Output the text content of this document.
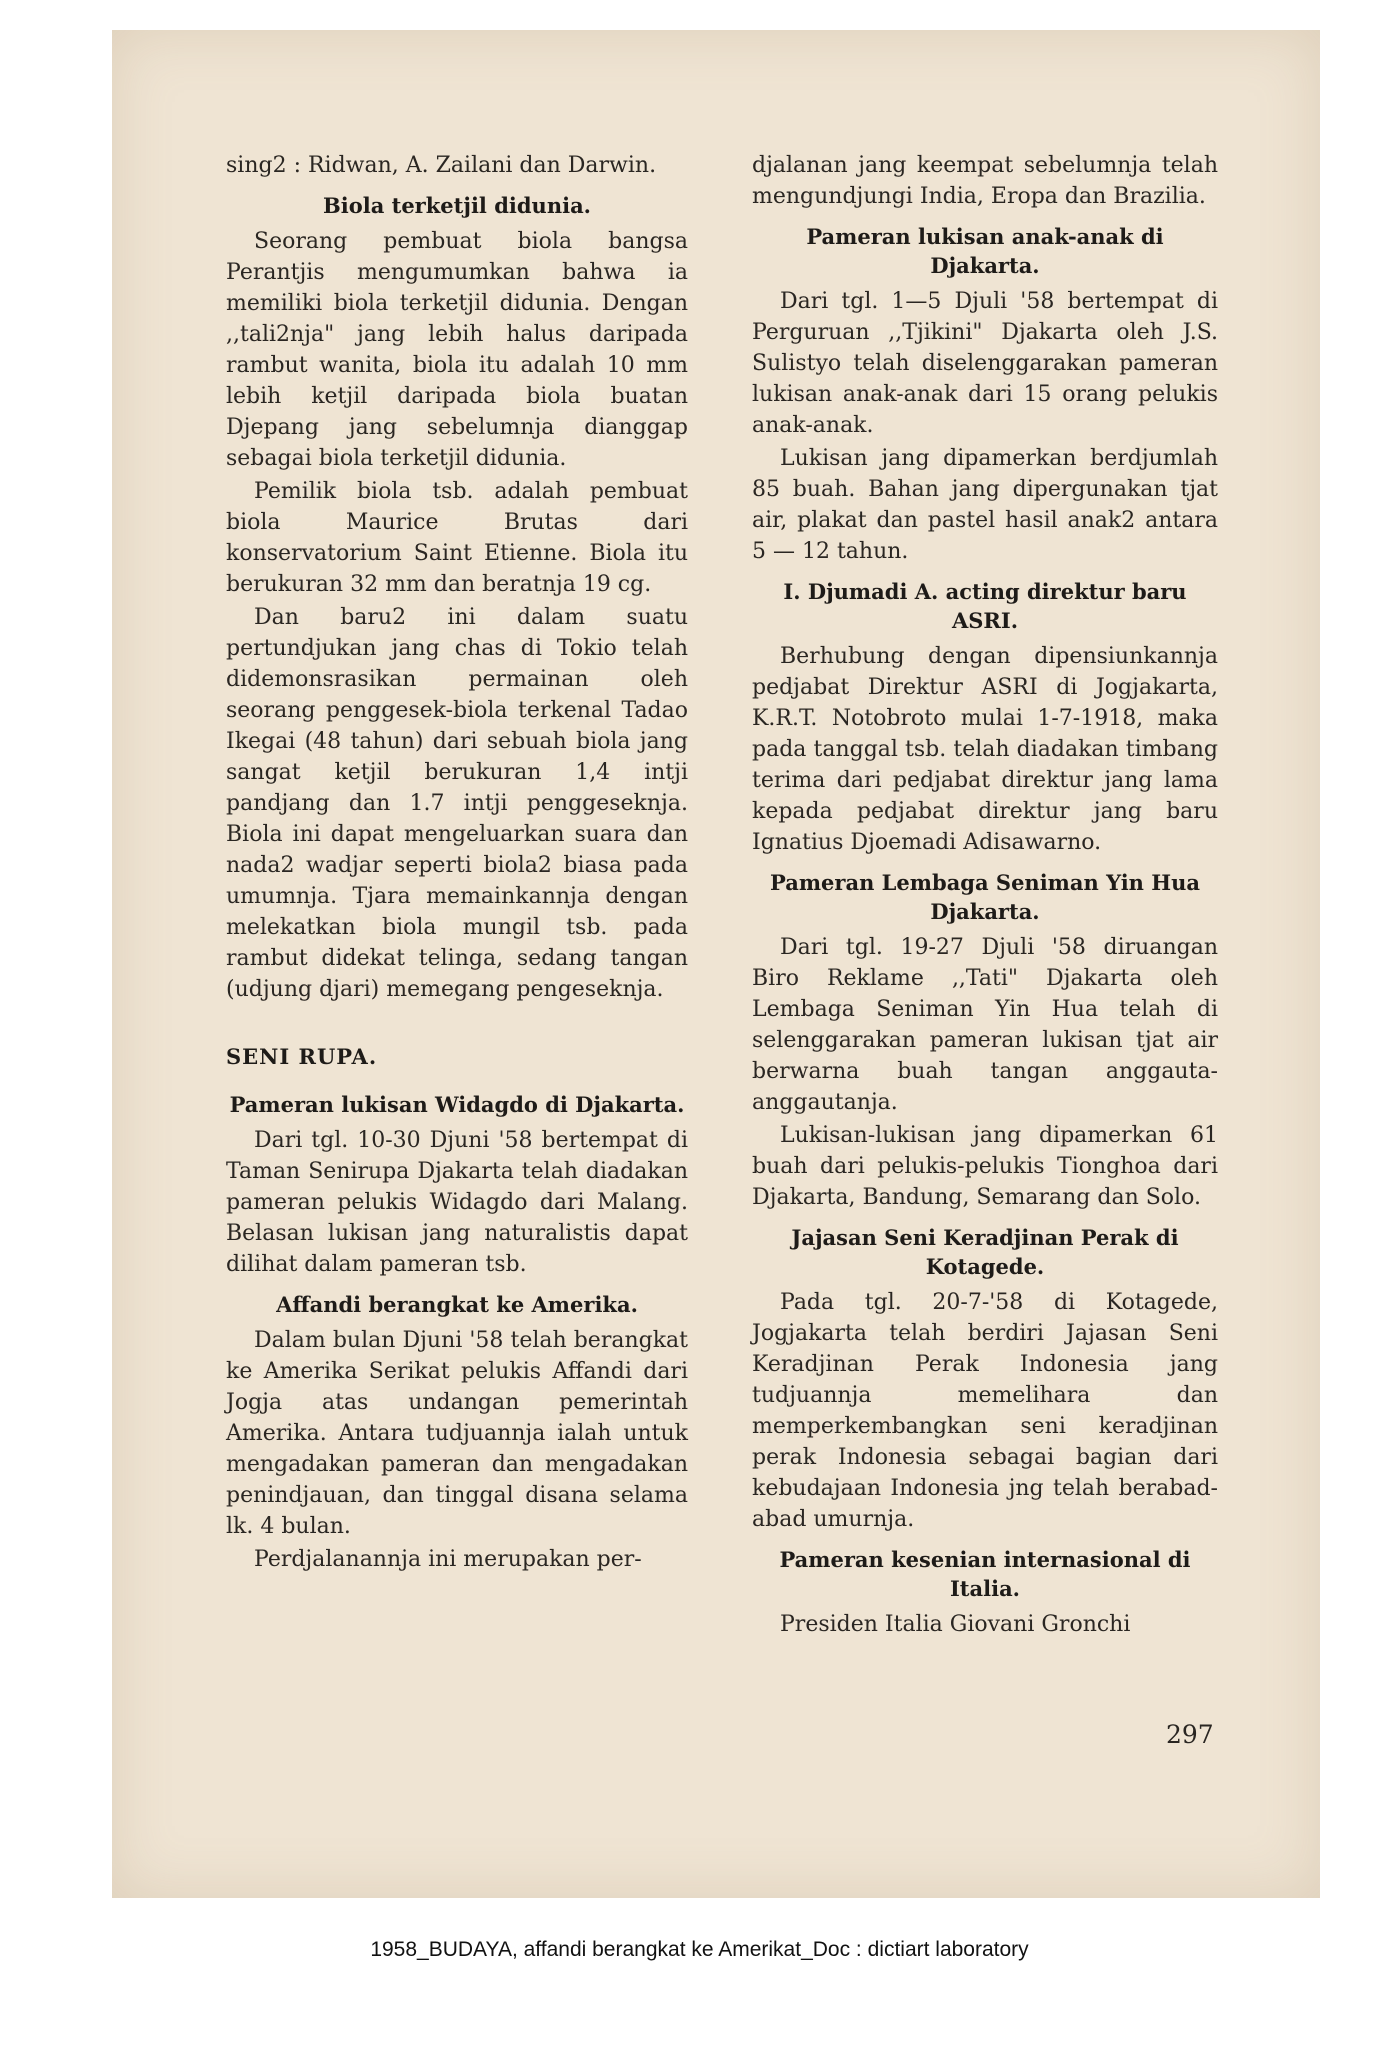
sing2 : Ridwan, A. Zailani dan Darwin.

Biola terketjil didunia.

Seorang pembuat biola bangsa Perantjis mengumumkan bahwa ia memiliki biola terketjil didunia. Dengan ,,tali2nja" jang lebih halus daripada rambut wanita, biola itu adalah 10 mm lebih ketjil daripada biola buatan Djepang jang sebelumnja dianggap sebagai biola terketjil didunia.

Pemilik biola tsb. adalah pembuat biola Maurice Brutas dari konservatorium Saint Etienne. Biola itu berukuran 32 mm dan beratnja 19 cg.

Dan baru2 ini dalam suatu pertundjukan jang chas di Tokio telah didemonsrasikan permainan oleh seorang penggesek-biola terkenal Tadao Ikegai (48 tahun) dari sebuah biola jang sangat ketjil berukuran 1,4 intji pandjang dan 1.7 intji penggeseknja. Biola ini dapat mengeluarkan suara dan nada2 wadjar seperti biola2 biasa pada umumnja. Tjara memainkannja dengan melekatkan biola mungil tsb. pada rambut didekat telinga, sedang tangan (udjung djari) memegang pengeseknja.

SENI RUPA.
Pameran lukisan Widagdo di Djakarta.

Dari tgl. 10-30 Djuni '58 bertempat di Taman Senirupa Djakarta telah diadakan pameran pelukis Widagdo dari Malang. Belasan lukisan jang naturalistis dapat dilihat dalam pameran tsb.

Affandi berangkat ke Amerika.

Dalam bulan Djuni '58 telah berangkat ke Amerika Serikat pelukis Affandi dari Jogja atas undangan pemerintah Amerika. Antara tudjuannja ialah untuk mengadakan pameran dan mengadakan penindjauan, dan tinggal disana selama lk. 4 bulan.

Perdjalanannja ini merupakan per-

djalanan jang keempat sebelumnja telah mengundjungi India, Eropa dan Brazilia.

Pameran lukisan anak-anak di Djakarta.

Dari tgl. 1—5 Djuli '58 bertempat di Perguruan ,,Tjikini" Djakarta oleh J.S. Sulistyo telah diselenggarakan pameran lukisan anak-anak dari 15 orang pelukis anak-anak.

Lukisan jang dipamerkan berdjumlah 85 buah. Bahan jang dipergunakan tjat air, plakat dan pastel hasil anak2 antara 5 — 12 tahun.

I. Djumadi A. acting direktur baru ASRI.

Berhubung dengan dipensiunkannja pedjabat Direktur ASRI di Jogjakarta, K.R.T. Notobroto mulai 1-7-1918, maka pada tanggal tsb. telah diadakan timbang terima dari pedjabat direktur jang lama kepada pedjabat direktur jang baru Ignatius Djoemadi Adisawarno.

Pameran Lembaga Seniman Yin Hua Djakarta.

Dari tgl. 19-27 Djuli '58 diruangan Biro Reklame ,,Tati" Djakarta oleh Lembaga Seniman Yin Hua telah di selenggarakan pameran lukisan tjat air berwarna buah tangan anggauta-anggautanja.

Lukisan-lukisan jang dipamerkan 61 buah dari pelukis-pelukis Tionghoa dari Djakarta, Bandung, Semarang dan Solo.

Jajasan Seni Keradjinan Perak di Kotagede.

Pada tgl. 20-7-'58 di Kotagede, Jogjakarta telah berdiri Jajasan Seni Keradjinan Perak Indonesia jang tudjuannja memelihara dan memperkembangkan seni keradjinan perak Indonesia sebagai bagian dari kebudajaan Indonesia jng telah berabad-abad umurnja.

Pameran kesenian internasional di Italia.

Presiden Italia Giovani Gronchi

297
1958_BUDAYA, affandi berangkat ke Amerikat_Doc : dictiart laboratory
